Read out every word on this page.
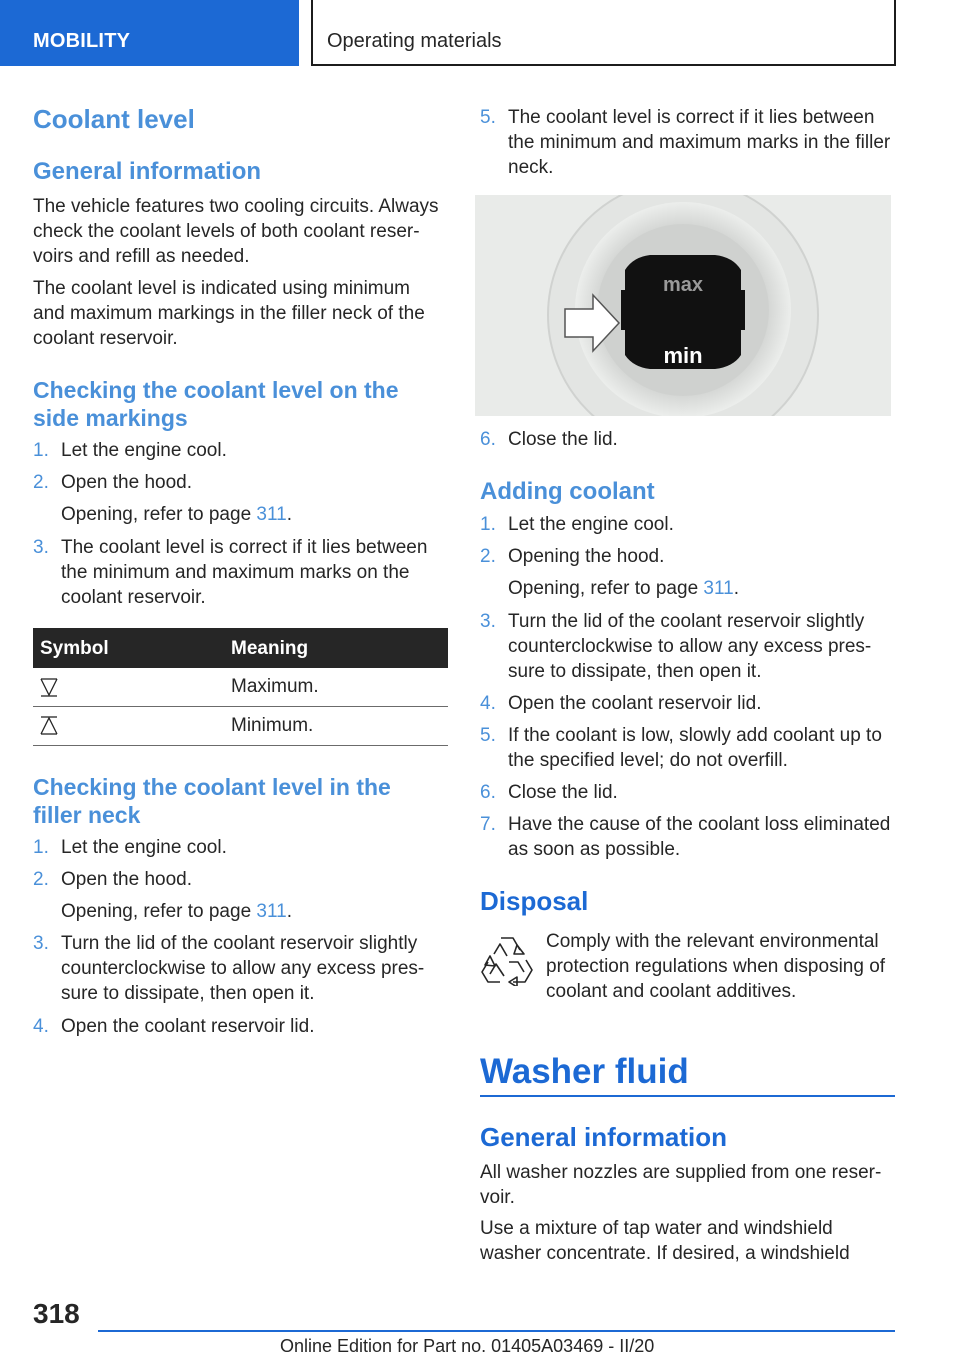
MOBILITY	Operating materials
Coolant level
General information
The vehicle features two cooling circuits. Always
check the coolant levels of both coolant reser-
voirs and refill as needed.
The coolant level is indicated using minimum
and maximum markings in the filler neck of the
coolant reservoir.
Checking the coolant level on the
side markings
1. Let the engine cool.
2. Open the hood.
Opening, refer to page 311.
3. The coolant level is correct if it lies between
the minimum and maximum marks on the
coolant reservoir.
Symbol	Meaning
Maximum.
Minimum.
Checking the coolant level in the
filler neck
1. Let the engine cool.
2. Open the hood.
Opening, refer to page 311.
3. Turn the lid of the coolant reservoir slightly
counterclockwise to allow any excess pres-
sure to dissipate, then open it.
4. Open the coolant reservoir lid.
5. The coolant level is correct if it lies between
the minimum and maximum marks in the filler
neck.
max
min
6. Close the lid.
Adding coolant
1. Let the engine cool.
2. Opening the hood.
Opening, refer to page 311.
3. Turn the lid of the coolant reservoir slightly
counterclockwise to allow any excess pres-
sure to dissipate, then open it.
4. Open the coolant reservoir lid.
5. If the coolant is low, slowly add coolant up to
the specified level; do not overfill.
6. Close the lid.
7. Have the cause of the coolant loss eliminated
as soon as possible.
Disposal
Comply with the relevant environmental
protection regulations when disposing of
coolant and coolant additives.
Washer fluid
General information
All washer nozzles are supplied from one reser-
voir.
Use a mixture of tap water and windshield
washer concentrate. If desired, a windshield
318
Online Edition for Part no. 01405A03469 - II/20
